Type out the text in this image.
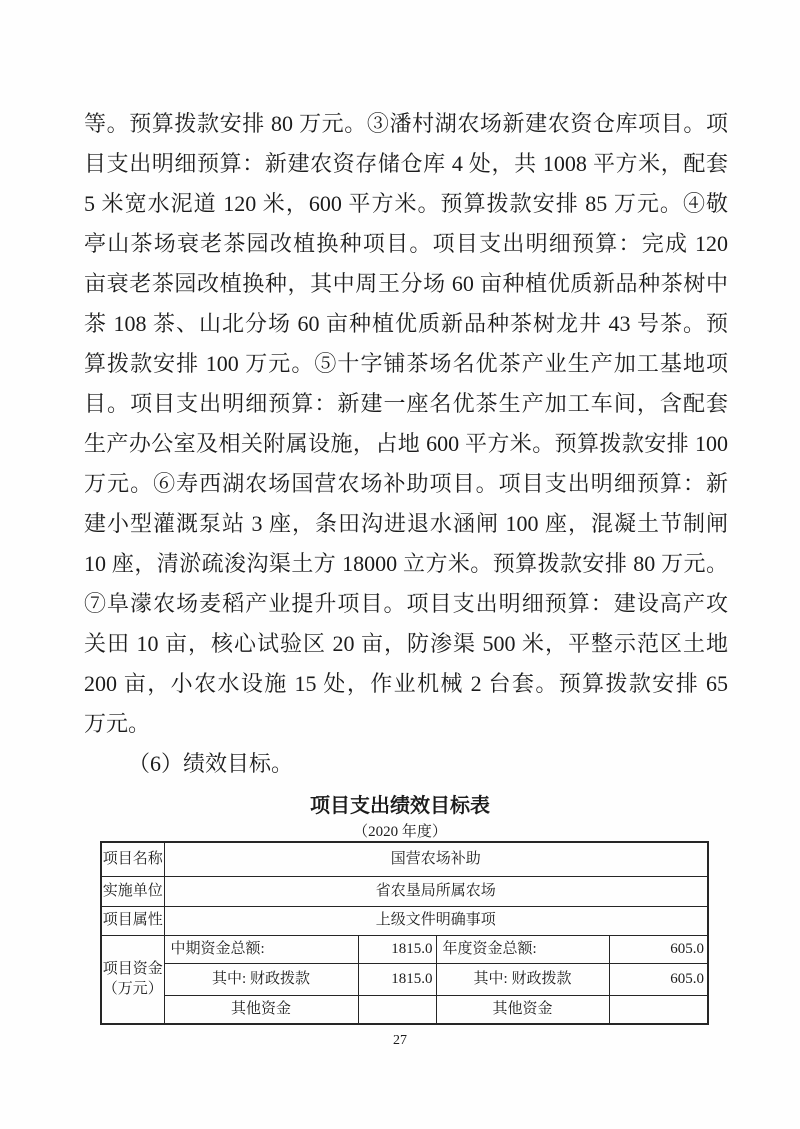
等。预算拨款安排 80 万元。③潘村湖农场新建农资仓库项目。项
目支出明细预算：新建农资存储仓库 4 处，共 1008 平方米，配套
5 米宽水泥道 120 米，600 平方米。预算拨款安排 85 万元。④敬
亭山茶场衰老茶园改植换种项目。项目支出明细预算：完成 120
亩衰老茶园改植换种，其中周王分场 60 亩种植优质新品种茶树中
茶 108 茶、山北分场 60 亩种植优质新品种茶树龙井 43 号茶。预
算拨款安排 100 万元。⑤十字铺茶场名优茶产业生产加工基地项
目。项目支出明细预算：新建一座名优茶生产加工车间，含配套
生产办公室及相关附属设施，占地 600 平方米。预算拨款安排 100
万元。⑥寿西湖农场国营农场补助项目。项目支出明细预算：新
建小型灌溉泵站 3 座，条田沟进退水涵闸 100 座，混凝土节制闸
10 座，清淤疏浚沟渠土方 18000 立方米。预算拨款安排 80 万元。
⑦阜濛农场麦稻产业提升项目。项目支出明细预算：建设高产攻
关田 10 亩，核心试验区 20 亩，防渗渠 500 米，平整示范区土地
200 亩，小农水设施 15 处，作业机械 2 台套。预算拨款安排 65
万元。
（6）绩效目标。
项目支出绩效目标表
（2020 年度）
项目名称	国营农场补助			
实施单位	省农垦局所属农场			
项目属性	上级文件明确事项			

项目资金
（万元）	中期资金总额:	1815.0	年度资金总额:	605.0
	其中: 财政拨款	1815.0	其中: 财政拨款	605.0
	其他资金		其他资金	
27
